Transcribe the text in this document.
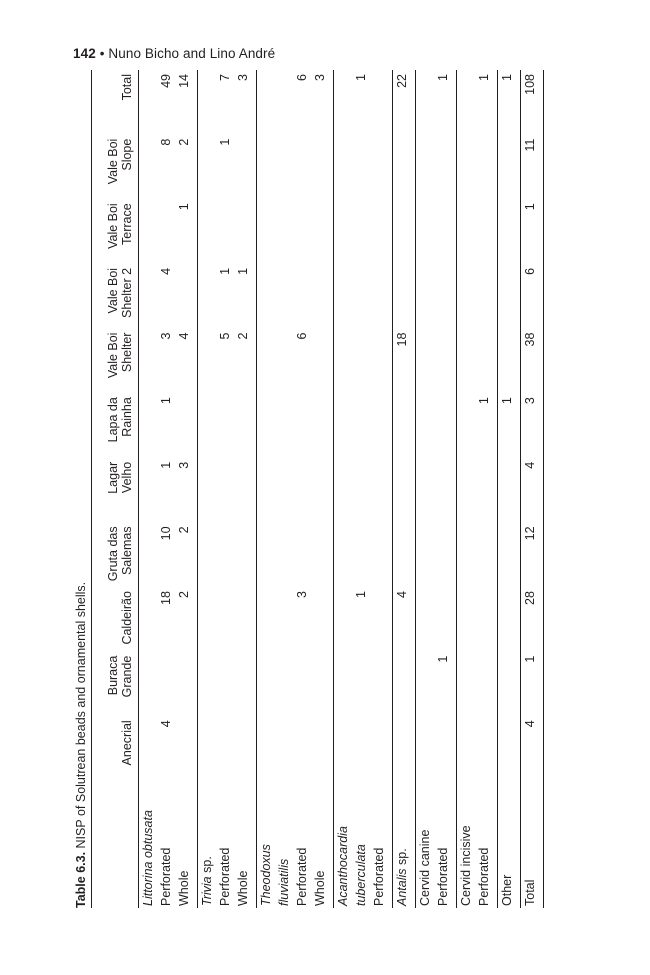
142 • Nuno Bicho and Lino André
Table 6.3. NISP of Solutrean beads and ornamental shells.
		Anecrial	Buraca Grande	Caldeirão	Gruta das Salemas	Lagar Velho	Lapa da Rainha	Vale Boi Shelter	Vale Boi Shelter 2	Vale Boi Terrace	Vale Boi Slope	Total
Littorina obtusata											
Perforated	4		18	10	1	1	3	4		8	49
Whole			2	2	3		4		1	2	14
Trivia sp.											
Perforated							5	1		1	7
Whole							2	1			3
Theodoxus											
fluviatilis											
Perforated			3				6				6
Whole											3
Acanthocardia											
tuberculata			1								1
Perforated											
Antalis sp.			4				18				22
Cervid canine											
Perforated		1									1
Cervid incisive											
Perforated						1					1
Other						1					1
Total	4	1	28	12	4	3	38	6	1	11	108
